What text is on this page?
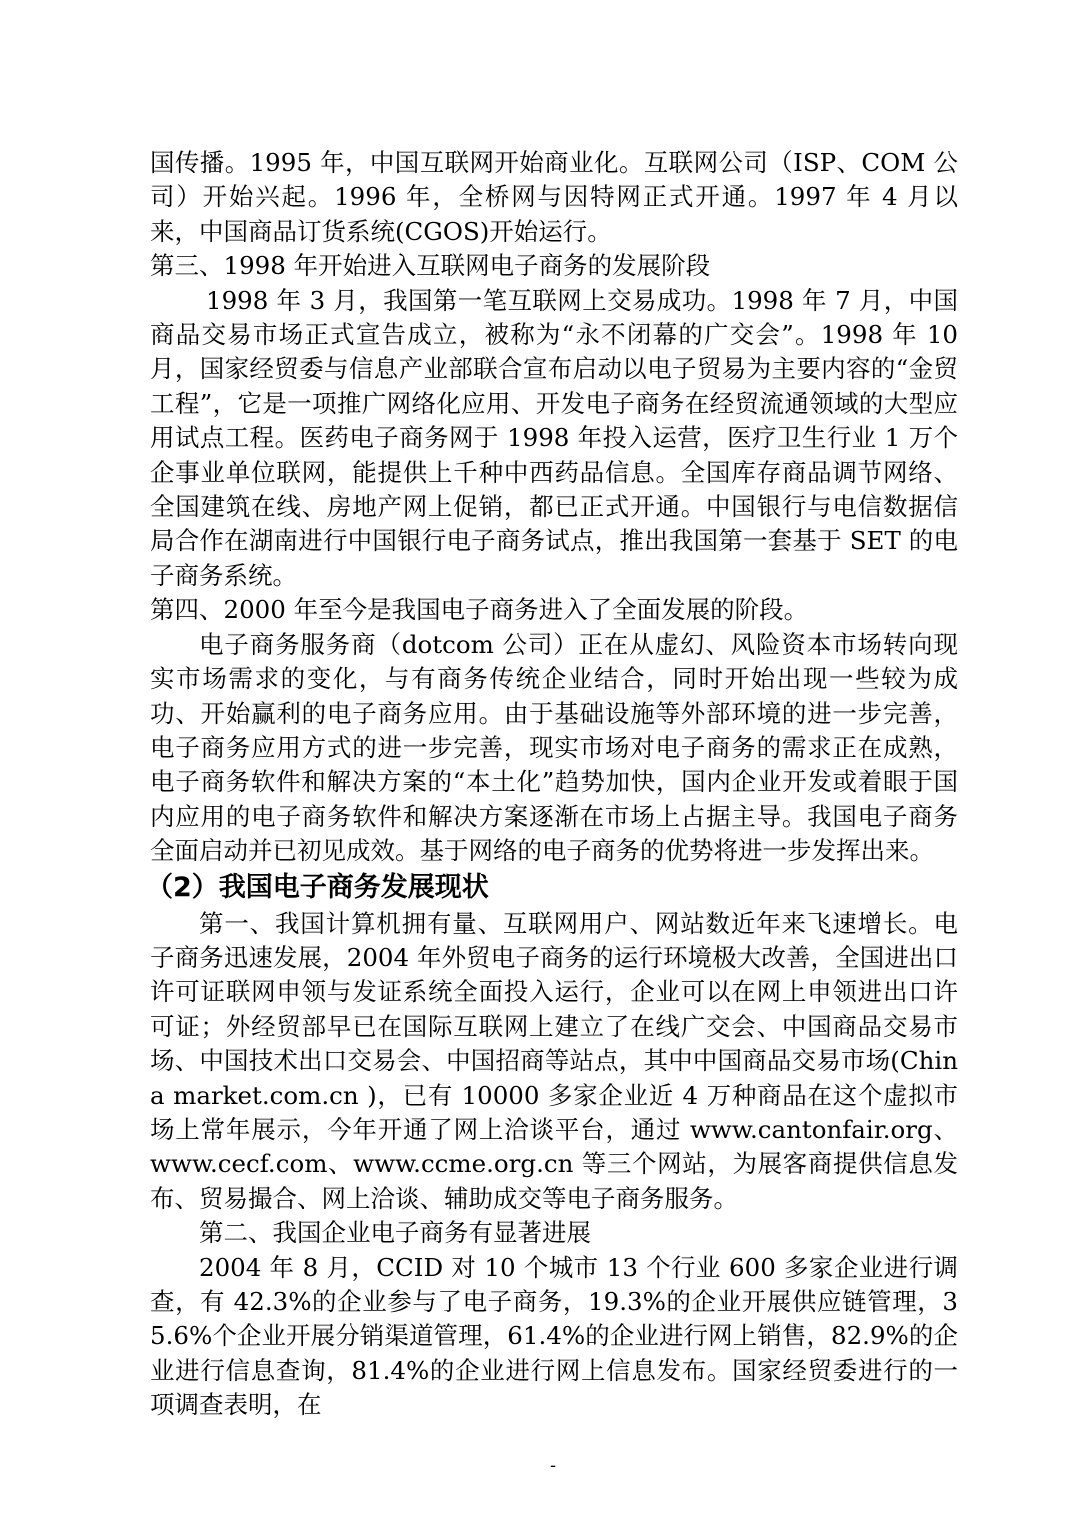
国传播。1995 年，中国互联网开始商业化。互联网公司（ISP、COM 公司）开始兴起。1996 年，全桥网与因特网正式开通。1997 年 4 月以来，中国商品订货系统(CGOS)开始运行。

第三、1998 年开始进入互联网电子商务的发展阶段

1998 年 3 月，我国第一笔互联网上交易成功。1998 年 7 月，中国商品交易市场正式宣告成立，被称为“永不闭幕的广交会”。1998 年 10 月，国家经贸委与信息产业部联合宣布启动以电子贸易为主要内容的“金贸工程”，它是一项推广网络化应用、开发电子商务在经贸流通领域的大型应用试点工程。医药电子商务网于 1998 年投入运营，医疗卫生行业 1 万个企事业单位联网，能提供上千种中西药品信息。全国库存商品调节网络、全国建筑在线、房地产网上促销，都已正式开通。中国银行与电信数据信局合作在湖南进行中国银行电子商务试点，推出我国第一套基于 SET 的电子商务系统。

第四、2000 年至今是我国电子商务进入了全面发展的阶段。

电子商务服务商（dotcom 公司）正在从虚幻、风险资本市场转向现实市场需求的变化，与有商务传统企业结合，同时开始出现一些较为成功、开始赢利的电子商务应用。由于基础设施等外部环境的进一步完善，电子商务应用方式的进一步完善，现实市场对电子商务的需求正在成熟，电子商务软件和解决方案的“本土化”趋势加快，国内企业开发或着眼于国内应用的电子商务软件和解决方案逐渐在市场上占据主导。我国电子商务全面启动并已初见成效。基于网络的电子商务的优势将进一步发挥出来。

（2）我国电子商务发展现状

第一、我国计算机拥有量、互联网用户、网站数近年来飞速增长。电子商务迅速发展，2004 年外贸电子商务的运行环境极大改善，全国进出口许可证联网申领与发证系统全面投入运行，企业可以在网上申领进出口许可证；外经贸部早已在国际互联网上建立了在线广交会、中国商品交易市场、中国技术出口交易会、中国招商等站点，其中中国商品交易市场(China market.com.cn )，已有 10000 多家企业近 4 万种商品在这个虚拟市场上常年展示，今年开通了网上洽谈平台，通过 www.cantonfair.org、www.cecf.com、www.ccme.org.cn 等三个网站，为展客商提供信息发布、贸易撮合、网上洽谈、辅助成交等电子商务服务。

第二、我国企业电子商务有显著进展

2004 年 8 月，CCID 对 10 个城市 13 个行业 600 多家企业进行调查，有 42.3%的企业参与了电子商务，19.3%的企业开展供应链管理，35.6%个企业开展分销渠道管理，61.4%的企业进行网上销售，82.9%的企业进行信息查询，81.4%的企业进行网上信息发布。国家经贸委进行的一项调查表明，在

-
